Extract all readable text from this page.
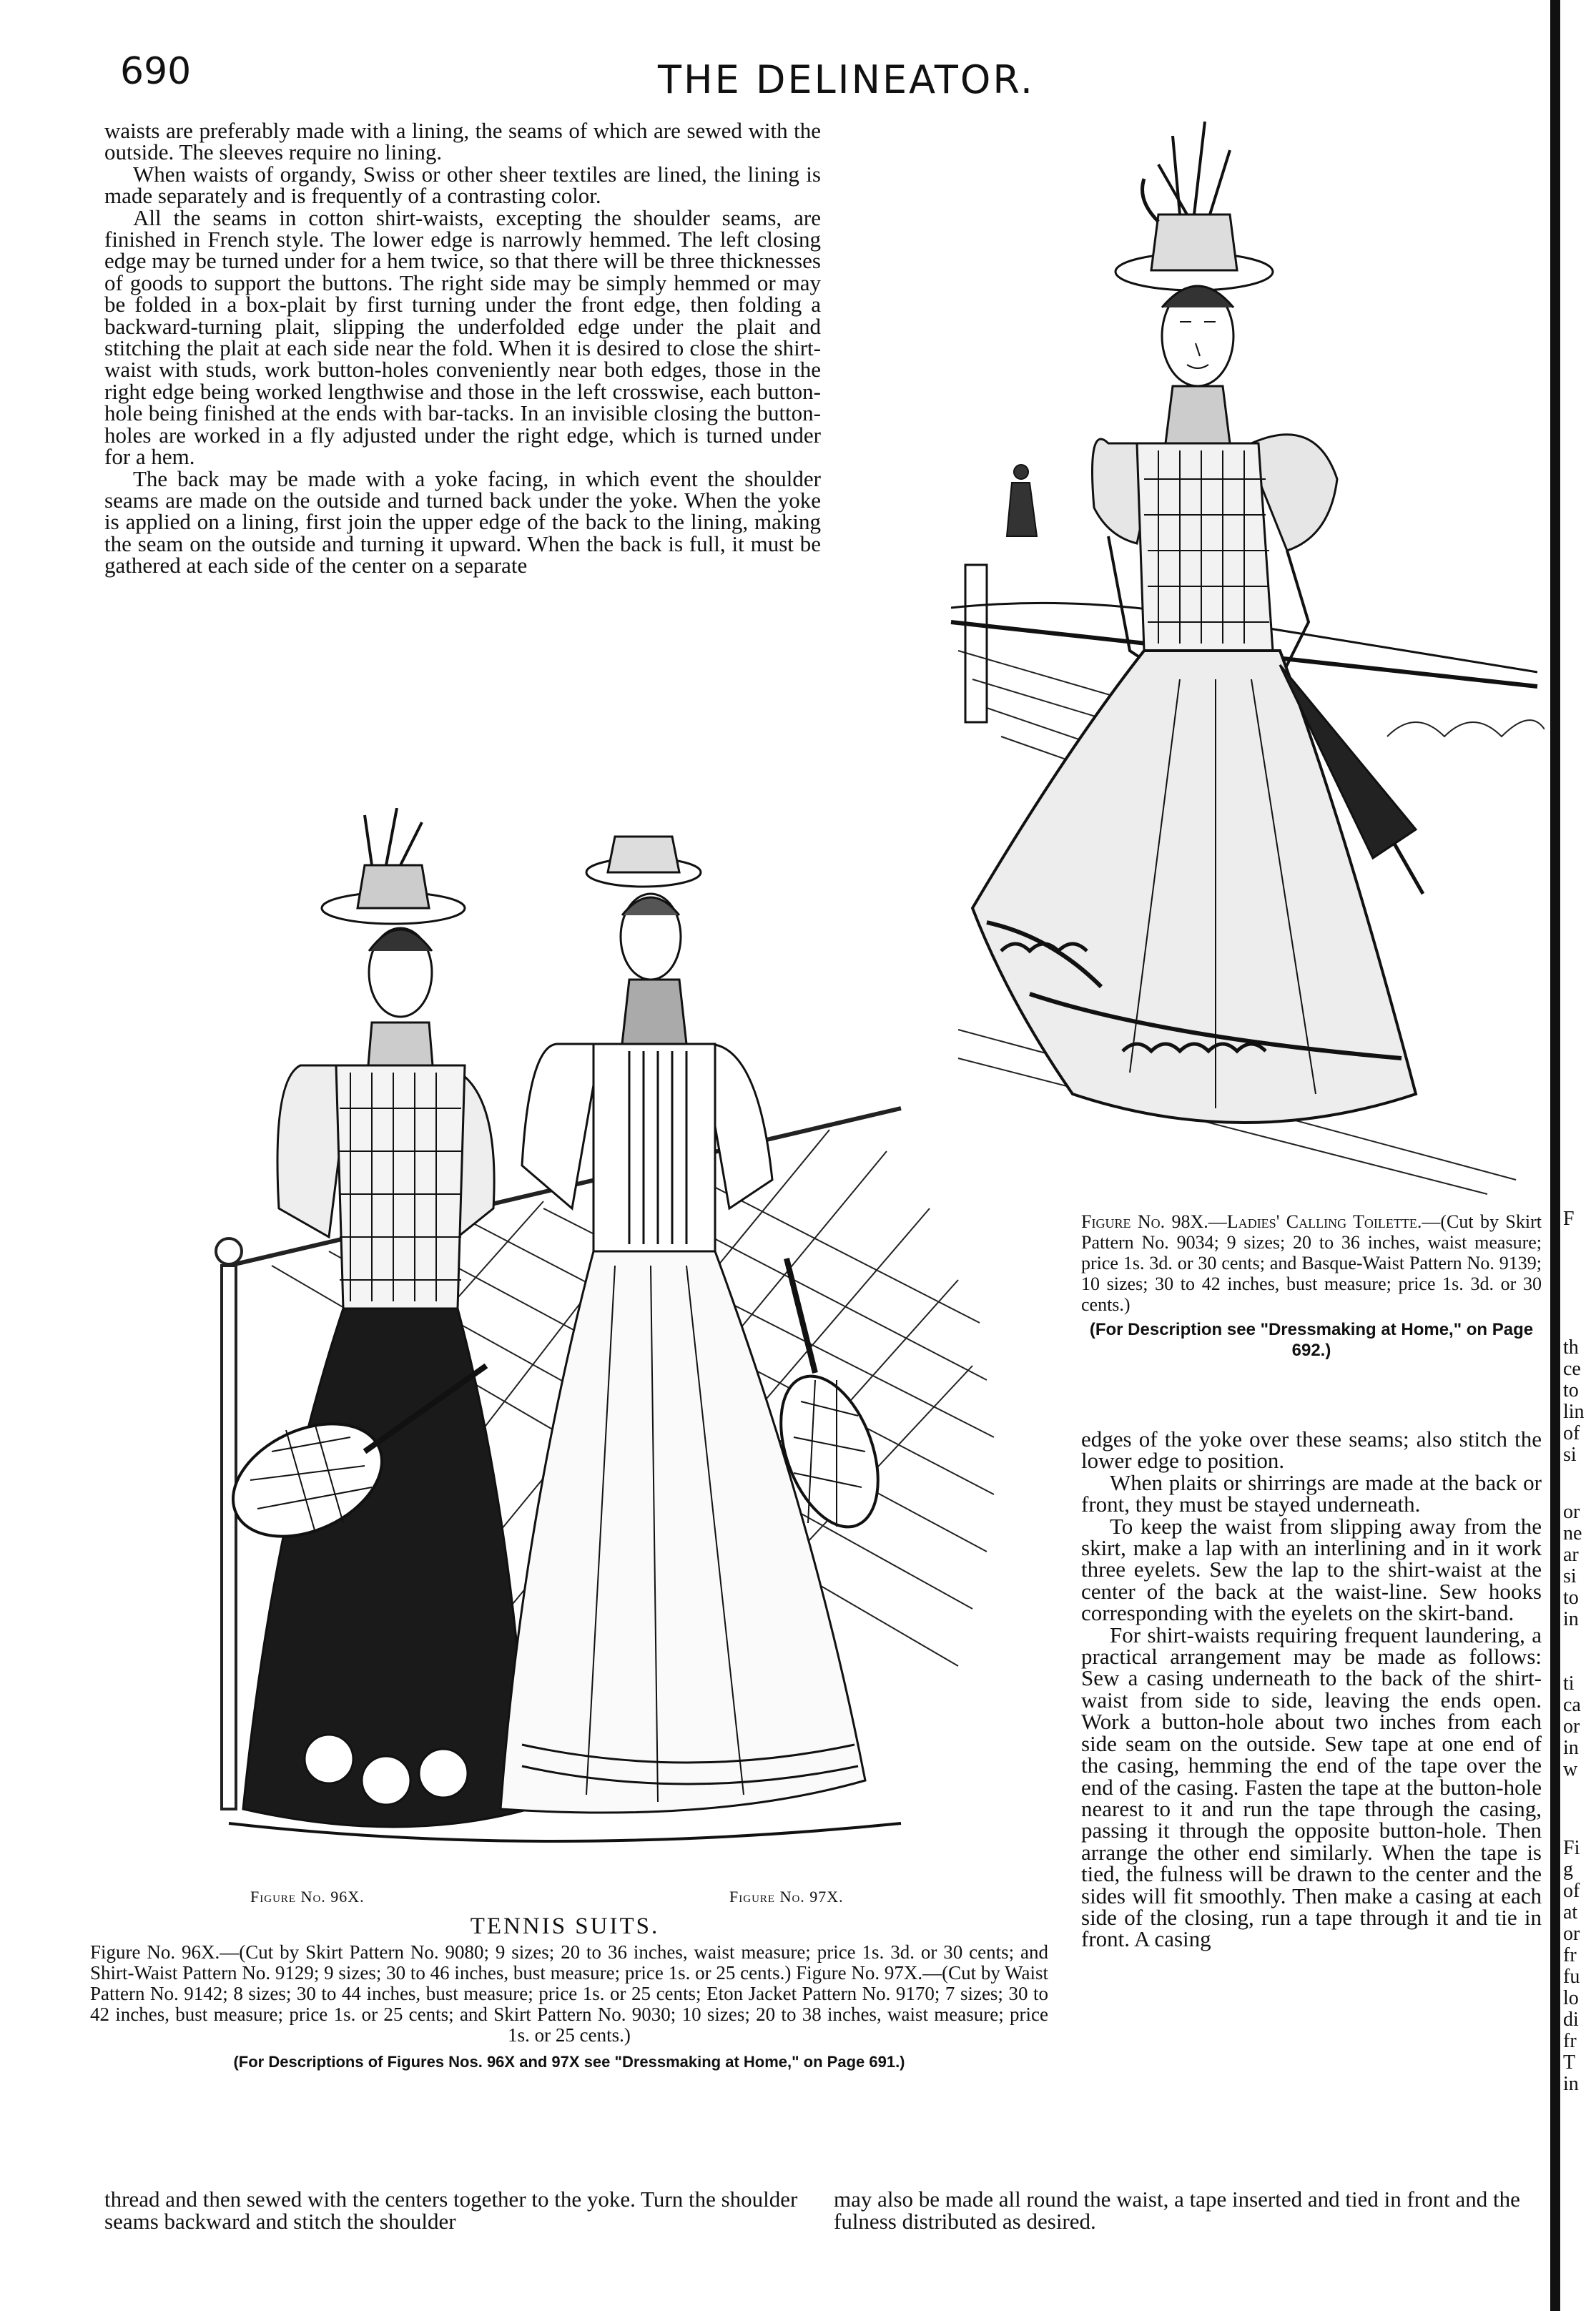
690	THE DELINEATOR.

waists are preferably made with a lining, the seams of which are sewed with the outside. The sleeves require no lining.

When waists of organdy, Swiss or other sheer textiles are lined, the lining is made separately and is frequently of a contrasting color.

All the seams in cotton shirt-waists, excepting the shoulder seams, are finished in French style. The lower edge is narrowly hemmed. The left closing edge may be turned under for a hem twice, so that there will be three thicknesses of goods to support the buttons. The right side may be simply hemmed or may be folded in a box-plait by first turning under the front edge, then folding a backward-turning plait, slipping the underfolded edge under the plait and stitching the plait at each side near the fold. When it is desired to close the shirt-waist with studs, work button-holes conveniently near both edges, those in the right edge being worked lengthwise and those in the left crosswise, each button-hole being finished at the ends with bar-tacks. In an invisible closing the button-holes are worked in a fly adjusted under the right edge, which is turned under for a hem.

The back may be made with a yoke facing, in which event the shoulder seams are made on the outside and turned back under the yoke. When the yoke is applied on a lining, first join the upper edge of the back to the lining, making the seam on the outside and turning it upward. When the back is full, it must be gathered at each side of the center on a separate

Figure No. 98X.—Ladies' Calling Toilette.—(Cut by Skirt Pattern No. 9034; 9 sizes; 20 to 36 inches, waist measure; price 1s. 3d. or 30 cents; and Basque-Waist Pattern No. 9139; 10 sizes; 30 to 42 inches, bust measure; price 1s. 3d. or 30 cents.)
(For Description see "Dressmaking at Home," on Page 692.)

edges of the yoke over these seams; also stitch the lower edge to position.

When plaits or shirrings are made at the back or front, they must be stayed underneath.

To keep the waist from slipping away from the skirt, make a lap with an interlining and in it work three eyelets. Sew the lap to the shirt-waist at the center of the back at the waist-line. Sew hooks corresponding with the eyelets on the skirt-band.

For shirt-waists requiring frequent laundering, a practical arrangement may be made as follows: Sew a casing underneath to the back of the shirt-waist from side to side, leaving the ends open. Work a button-hole about two inches from each side seam on the outside. Sew tape at one end of the casing, hemming the end of the tape over the end of the casing. Fasten the tape at the button-hole nearest to it and run the tape through the casing, passing it through the opposite button-hole. Then arrange the other end similarly. When the tape is tied, the fulness will be drawn to the center and the sides will fit smoothly. Then make a casing at each side of the closing, run a tape through it and tie in front. A casing

Figure No. 96X.	Figure No. 97X.
TENNIS SUITS.
Figure No. 96X.—(Cut by Skirt Pattern No. 9080; 9 sizes; 20 to 36 inches, waist measure; price 1s. 3d. or 30 cents; and Shirt-Waist Pattern No. 9129; 9 sizes; 30 to 46 inches, bust measure; price 1s. or 25 cents.) Figure No. 97X.—(Cut by Waist Pattern No. 9142; 8 sizes; 30 to 44 inches, bust measure; price 1s. or 25 cents; Eton Jacket Pattern No. 9170; 7 sizes; 30 to 42 inches, bust measure; price 1s. or 25 cents; and Skirt Pattern No. 9030; 10 sizes; 20 to 38 inches, waist measure; price 1s. or 25 cents.)
(For Descriptions of Figures Nos. 96X and 97X see "Dressmaking at Home," on Page 691.)
thread and then sewed with the centers together to the yoke. Turn the shoulder seams backward and stitch the shoulder
may also be made all round the waist, a tape inserted and tied in front and the fulness distributed as desired.
F
th
ce
to
lin
of
si
or
ne
ar
si
to
in
ti
ca
or
in
w
Fi
g
of
at
or
fr
fu
lo
di
fr
T
in
